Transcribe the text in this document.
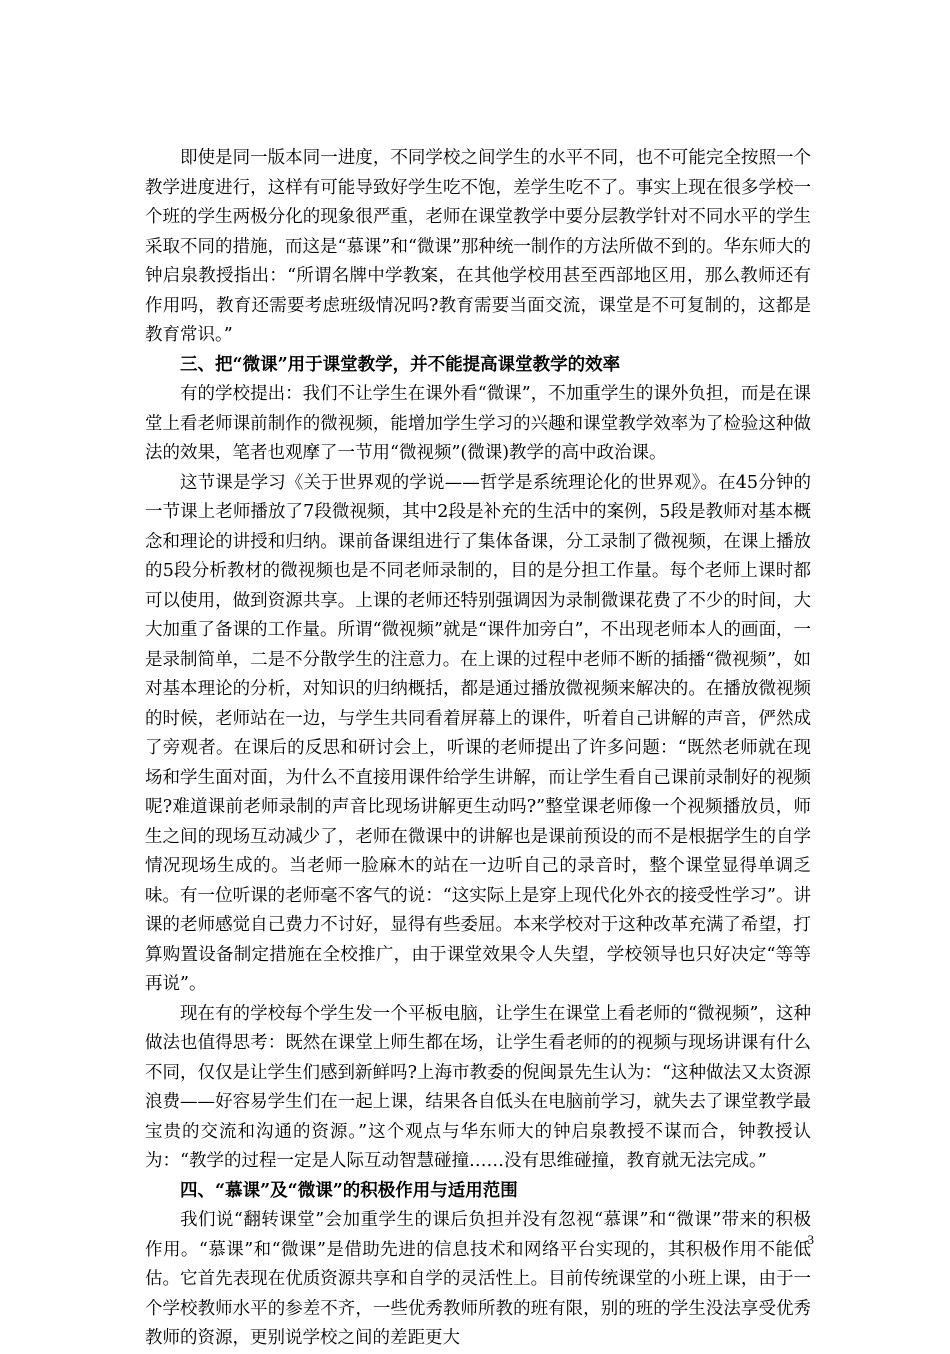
即使是同一版本同一进度，不同学校之间学生的水平不同，也不可能完全按照一个教学进度进行，这样有可能导致好学生吃不饱，差学生吃不了。事实上现在很多学校一个班的学生两极分化的现象很严重，老师在课堂教学中要分层教学针对不同水平的学生采取不同的措施，而这是“慕课”和“微课”那种统一制作的方法所做不到的。华东师大的钟启泉教授指出：“所谓名牌中学教案，在其他学校用甚至西部地区用，那么教师还有作用吗，教育还需要考虑班级情况吗?教育需要当面交流，课堂是不可复制的，这都是教育常识。”

三、把“微课”用于课堂教学，并不能提高课堂教学的效率

有的学校提出：我们不让学生在课外看“微课”，不加重学生的课外负担，而是在课堂上看老师课前制作的微视频，能增加学生学习的兴趣和课堂教学效率为了检验这种做法的效果，笔者也观摩了一节用“微视频”(微课)教学的高中政治课。

这节课是学习《关于世界观的学说——哲学是系统理论化的世界观》。在45分钟的一节课上老师播放了7段微视频，其中2段是补充的生活中的案例，5段是教师对基本概念和理论的讲授和归纳。课前备课组进行了集体备课，分工录制了微视频，在课上播放的5段分析教材的微视频也是不同老师录制的，目的是分担工作量。每个老师上课时都可以使用，做到资源共享。上课的老师还特别强调因为录制微课花费了不少的时间，大大加重了备课的工作量。所谓“微视频”就是“课件加旁白”，不出现老师本人的画面，一是录制简单，二是不分散学生的注意力。在上课的过程中老师不断的插播“微视频”，如对基本理论的分析，对知识的归纳概括，都是通过播放微视频来解决的。在播放微视频的时候，老师站在一边，与学生共同看着屏幕上的课件，听着自己讲解的声音，俨然成了旁观者。在课后的反思和研讨会上，听课的老师提出了许多问题：“既然老师就在现场和学生面对面，为什么不直接用课件给学生讲解，而让学生看自己课前录制好的视频呢?难道课前老师录制的声音比现场讲解更生动吗?”整堂课老师像一个视频播放员，师生之间的现场互动减少了，老师在微课中的讲解也是课前预设的而不是根据学生的自学情况现场生成的。当老师一脸麻木的站在一边听自己的录音时，整个课堂显得单调乏味。有一位听课的老师毫不客气的说：“这实际上是穿上现代化外衣的接受性学习”。讲课的老师感觉自己费力不讨好，显得有些委屈。本来学校对于这种改革充满了希望，打算购置设备制定措施在全校推广，由于课堂效果令人失望，学校领导也只好决定“等等再说”。

现在有的学校每个学生发一个平板电脑，让学生在课堂上看老师的“微视频”，这种做法也值得思考：既然在课堂上师生都在场，让学生看老师的的视频与现场讲课有什么不同，仅仅是让学生们感到新鲜吗?上海市教委的倪闽景先生认为：“这种做法又太资源浪费——好容易学生们在一起上课，结果各自低头在电脑前学习，就失去了课堂教学最宝贵的交流和沟通的资源。”这个观点与华东师大的钟启泉教授不谋而合，钟教授认为：“教学的过程一定是人际互动智慧碰撞……没有思维碰撞，教育就无法完成。”

四、“慕课”及“微课”的积极作用与适用范围

我们说“翻转课堂”会加重学生的课后负担并没有忽视“慕课”和“微课”带来的积极作用。“慕课”和“微课”是借助先进的信息技术和网络平台实现的，其积极作用不能低估。它首先表现在优质资源共享和自学的灵活性上。目前传统课堂的小班上课，由于一个学校教师水平的参差不齐，一些优秀教师所教的班有限，别的班的学生没法享受优秀教师的资源，更别说学校之间的差距更大

3
